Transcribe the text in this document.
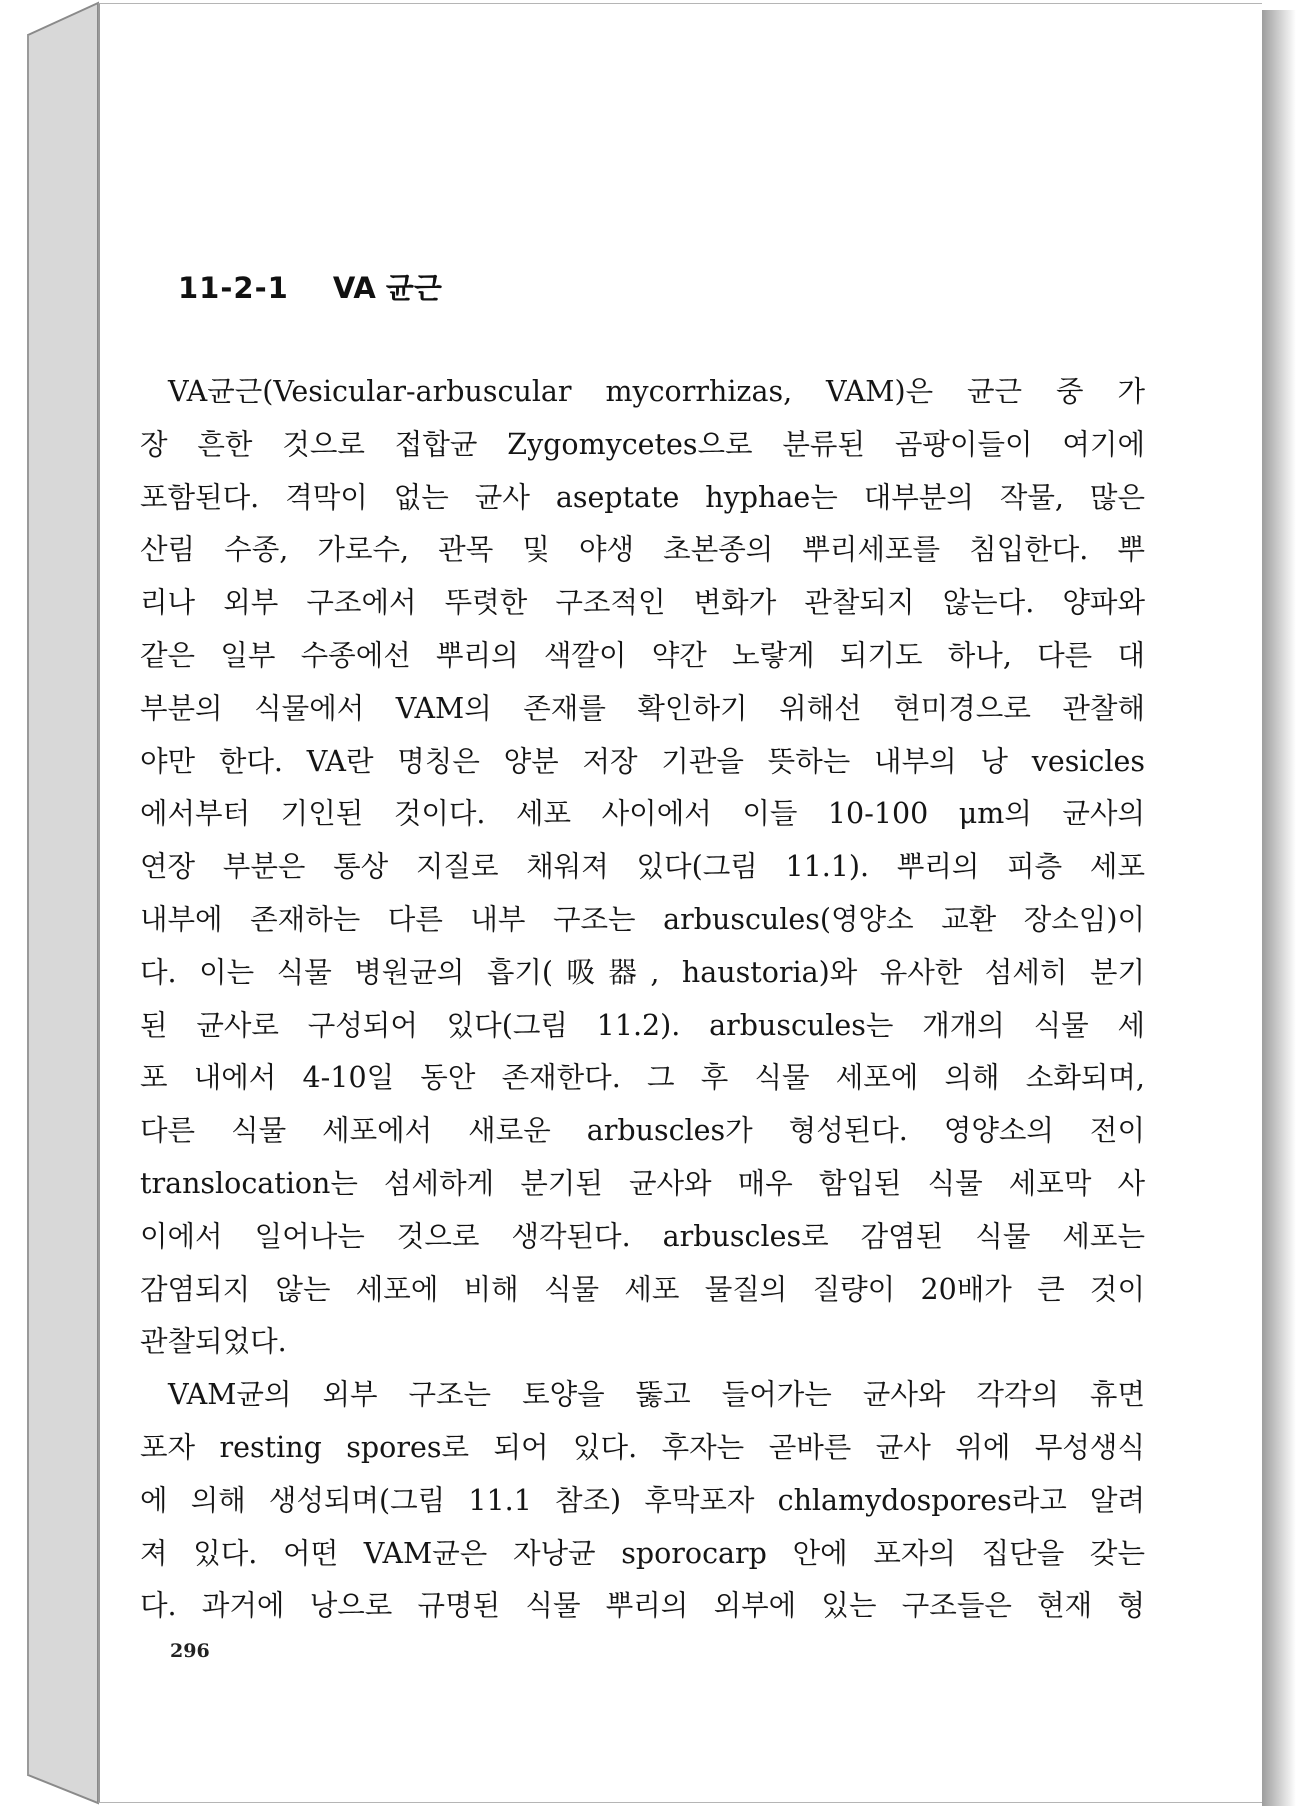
11-2-1 VA 균근
VA균근(Vesicular-arbuscular mycorrhizas, VAM)은 균근 중 가
장 흔한 것으로 접합균 Zygomycetes으로 분류된 곰팡이들이 여기에
포함된다. 격막이 없는 균사 aseptate hyphae는 대부분의 작물, 많은
산림 수종, 가로수, 관목 및 야생 초본종의 뿌리세포를 침입한다. 뿌
리나 외부 구조에서 뚜렷한 구조적인 변화가 관찰되지 않는다. 양파와
같은 일부 수종에선 뿌리의 색깔이 약간 노랗게 되기도 하나, 다른 대
부분의 식물에서 VAM의 존재를 확인하기 위해선 현미경으로 관찰해
야만 한다. VA란 명칭은 양분 저장 기관을 뜻하는 내부의 낭 vesicles
에서부터 기인된 것이다. 세포 사이에서 이들 10-100 μm의 균사의
연장 부분은 통상 지질로 채워져 있다(그림 11.1). 뿌리의 피층 세포
내부에 존재하는 다른 내부 구조는 arbuscules(영양소 교환 장소임)이
다. 이는 식물 병원균의 흡기(吸器, haustoria)와 유사한 섬세히 분기
된 균사로 구성되어 있다(그림 11.2). arbuscules는 개개의 식물 세
포 내에서 4-10일 동안 존재한다. 그 후 식물 세포에 의해 소화되며,
다른 식물 세포에서 새로운 arbuscles가 형성된다. 영양소의 전이
translocation는 섬세하게 분기된 균사와 매우 함입된 식물 세포막 사
이에서 일어나는 것으로 생각된다. arbuscles로 감염된 식물 세포는
감염되지 않는 세포에 비해 식물 세포 물질의 질량이 20배가 큰 것이
관찰되었다.
VAM균의 외부 구조는 토양을 뚫고 들어가는 균사와 각각의 휴면
포자 resting spores로 되어 있다. 후자는 곧바른 균사 위에 무성생식
에 의해 생성되며(그림 11.1 참조) 후막포자 chlamydospores라고 알려
져 있다. 어떤 VAM균은 자낭균 sporocarp 안에 포자의 집단을 갖는
다. 과거에 낭으로 규명된 식물 뿌리의 외부에 있는 구조들은 현재 형

296
